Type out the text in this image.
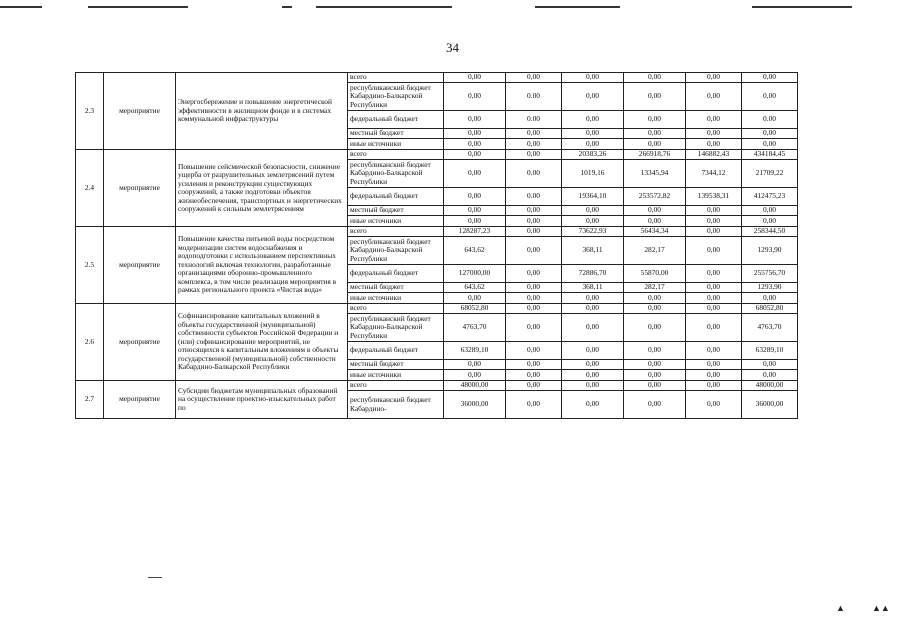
34
2.3	мероприятие	Энергосбережение и повышение энергетической эффективности в жилищном фонде и в системах коммунальной инфраструктуры	всего	0,00	0,00	0,00	0,00	0,00	0,00
			республиканский бюджет Кабардино-Балкарской Республики	0,00	0.00	0,00	0,00	0,00	0,00
			федеральный бюджет	0,00	0.00	0,00	0,00	0,00	0.00
			местный бюджет	0,00	0,00	0,00	0,00	0,00	0,00
			иные источники	0,00	0,00	0,00	0,00	0,00	0,00
2.4	мероприятие	Повышение сейсмической безопасности, снижение ущерба от разрушительных землетрясений путем усиления и реконструкции существующих сооружений, а также подготовки объектов жизнеобеспечения, транспортных и энергетических сооружений к сильным землетрясениям	всего	0,00	0,00	20383,26	266918,76	146882,43	434184,45
			республиканский бюджет Кабардино-Балкарской Республики	0,00	0.00	1019,16	13345,94	7344,12	21709,22
			федеральный бюджет	0,00	0.00	19364,10	253572,82	139538,31	412475,23
			местный бюджет	0,00	0,00	0,00	0,00	0,00	0,00
			иные источники	0,00	0,00	0,00	0,00	0,00	0,00
2.5	мероприятие	Повышение качества питьевой воды посредством модернизации систем водоснабжения и водоподготовки с использованием перспективных технологий включая технологии, разработанные организациями оборонно-промышленного комплекса, в том числе реализация мероприятия в рамках регионального проекта «Чистая вода»	всего	128287,23	0,00	73622,93	56434,34	0,00	258344,50
			республиканский бюджет Кабардино-Балкарской Республики	643,62	0,00	368,11	282,17	0,00	1293,90
			федеральный бюджет	127000,00	0,00	72886,70	55870,00	0,00	255756,70
			местный бюджет	643,62	0,00	368,11	282,17	0,00	1293,90
			иные источники	0,00	0,00	0,00	0,00	0,00	0,00
2.6	мероприятие	Софинансирование капитальных вложений в объекты государственной (муниципальной) собственности субъектов Российской Федерации и (или) софинансирование мероприятий, не относящихся к капитальным вложениям в объекты государственной (муниципальной) собственности Кабардино-Балкарской Республики	всего	68052,80	0,00	0,00	0,00	0,00	68052,80
			республиканский бюджет Кабардино-Балкарской Республики	4763,70	0,00	0,00	0,00	0,00	4763,70
			федеральный бюджет	63289,10	0,00	0,00	0,00	0,00	63289,10
			местный бюджет	0,00	0,00	0,00	0,00	0,00	0,00
			иные источники	0,00	0,00	0,00	0,00	0,00	0,00
2.7	мероприятие	Субсидии бюджетам муниципальных образований на осуществление проектно-изыскательных работ по	всего	48000,00	0,00	0,00	0,00	0,00	48000,00
			республиканский бюджет Кабардино-	36000,00	0,00	0,00	0,00	0,00	36000,00
▲	▲▲
